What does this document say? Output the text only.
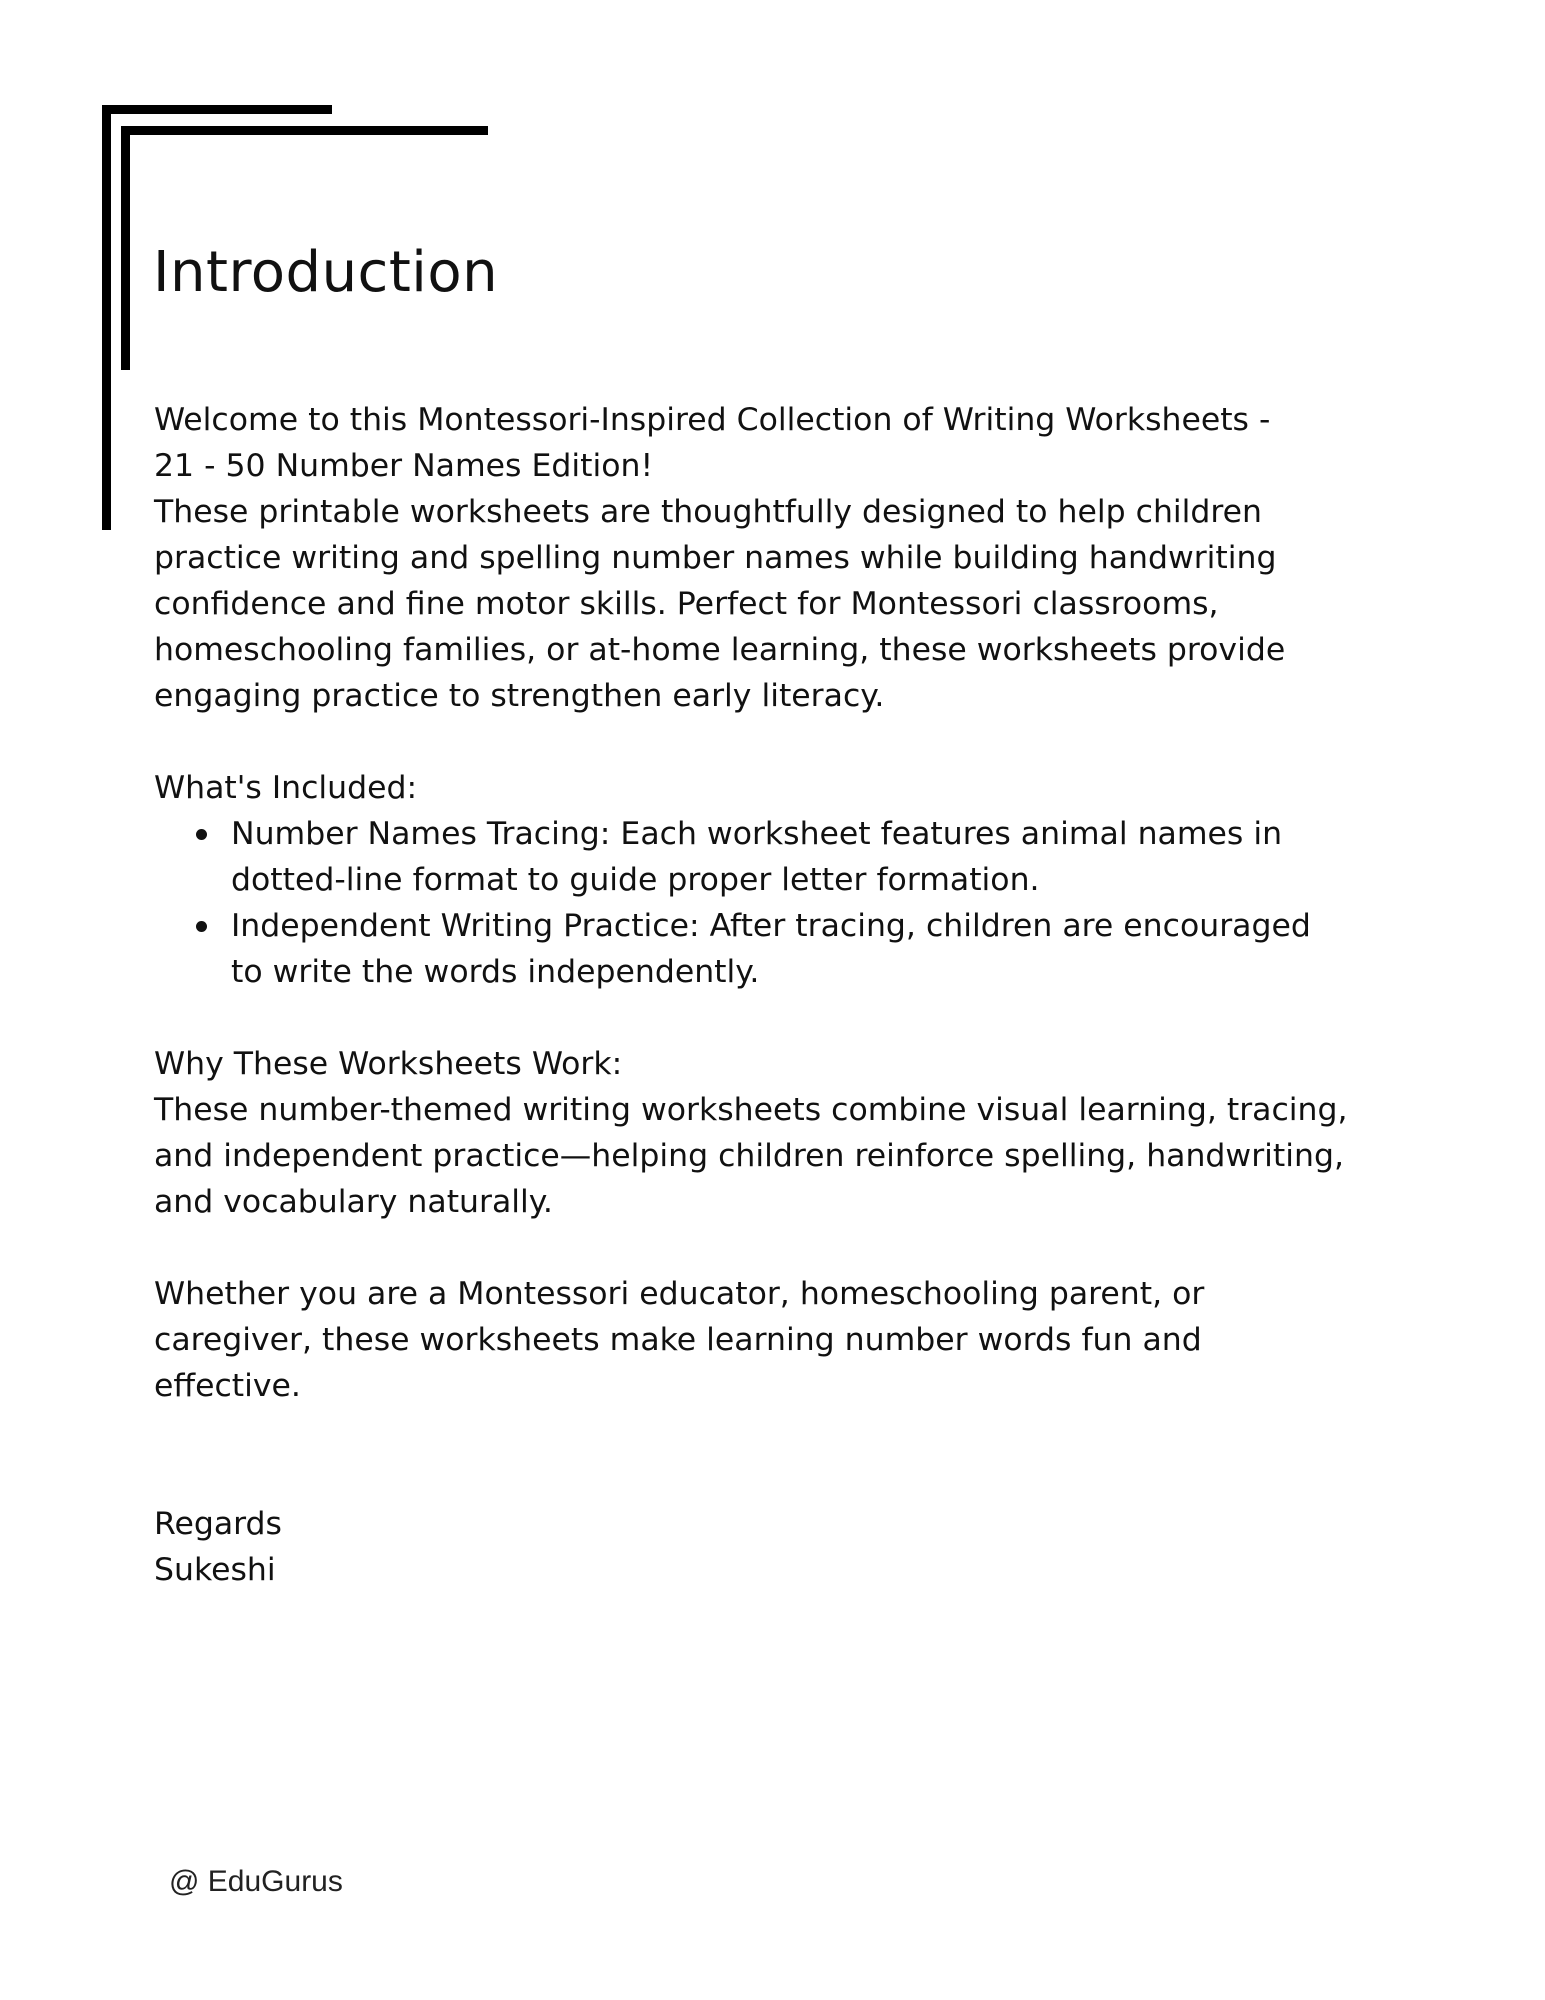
Introduction

Welcome to this Montessori-Inspired Collection of Writing Worksheets -

21 - 50 Number Names Edition!

These printable worksheets are thoughtfully designed to help children

practice writing and spelling number names while building handwriting

confidence and fine motor skills. Perfect for Montessori classrooms,

homeschooling families, or at-home learning, these worksheets provide

engaging practice to strengthen early literacy.

What's Included:

Number Names Tracing: Each worksheet features animal names in
dotted-line format to guide proper letter formation.
Independent Writing Practice: After tracing, children are encouraged
to write the words independently.

Why These Worksheets Work:

These number-themed writing worksheets combine visual learning, tracing,

and independent practice—helping children reinforce spelling, handwriting,

and vocabulary naturally.

Whether you are a Montessori educator, homeschooling parent, or

caregiver, these worksheets make learning number words fun and

effective.

Regards

Sukeshi

@ EduGurus
